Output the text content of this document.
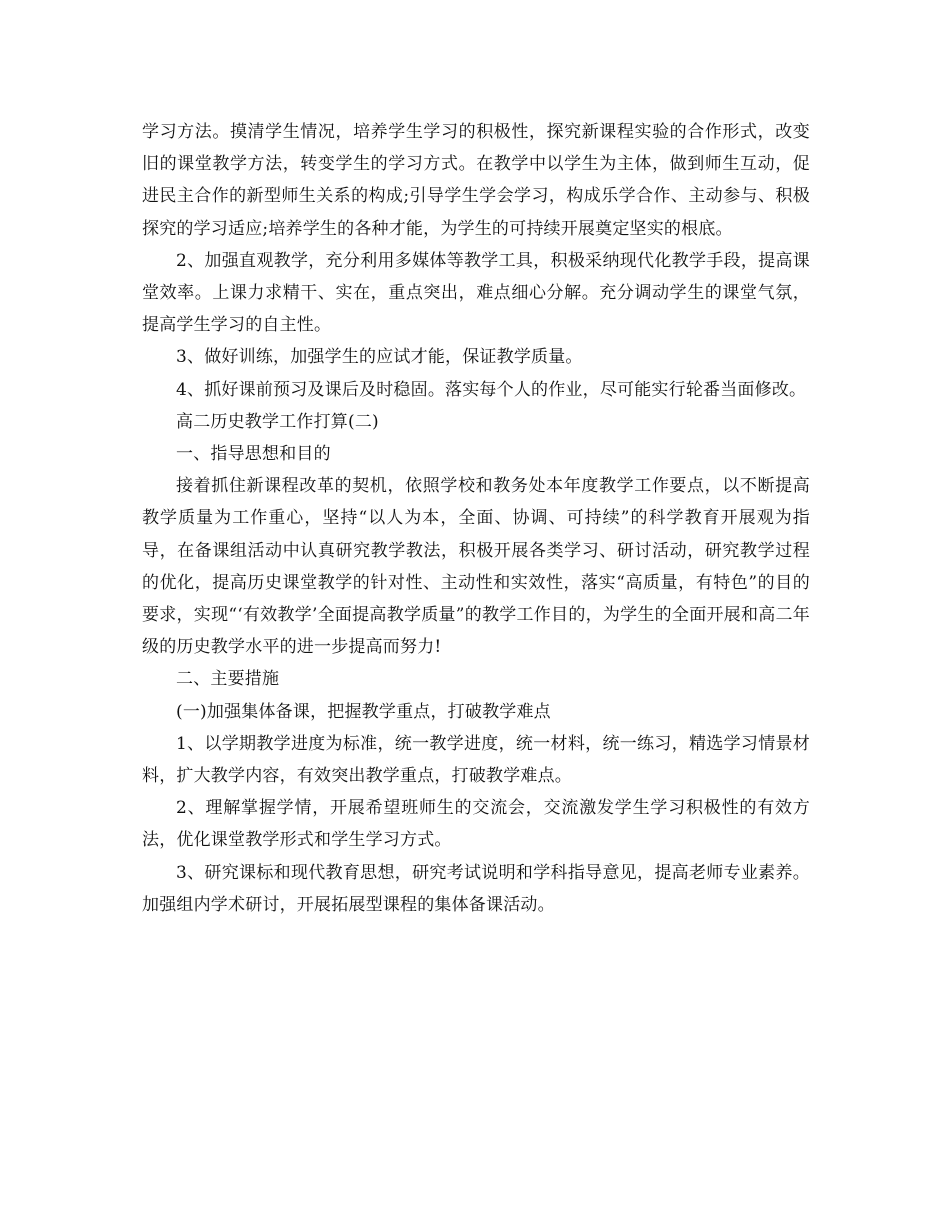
学习方法。摸清学生情况，培养学生学习的积极性，探究新课程实验的合作形式，改变旧的课堂教学方法，转变学生的学习方式。在教学中以学生为主体，做到师生互动，促进民主合作的新型师生关系的构成;引导学生学会学习，构成乐学合作、主动参与、积极探究的学习适应;培养学生的各种才能，为学生的可持续开展奠定坚实的根底。

2、加强直观教学，充分利用多媒体等教学工具，积极采纳现代化教学手段，提高课堂效率。上课力求精干、实在，重点突出，难点细心分解。充分调动学生的课堂气氛，提高学生学习的自主性。

3、做好训练，加强学生的应试才能，保证教学质量。

4、抓好课前预习及课后及时稳固。落实每个人的作业，尽可能实行轮番当面修改。

高二历史教学工作打算(二)

一、指导思想和目的

接着抓住新课程改革的契机，依照学校和教务处本年度教学工作要点，以不断提高教学质量为工作重心，坚持“以人为本，全面、协调、可持续”的科学教育开展观为指导，在备课组活动中认真研究教学教法，积极开展各类学习、研讨活动，研究教学过程的优化，提高历史课堂教学的针对性、主动性和实效性，落实“高质量，有特色”的目的要求，实现“‘有效教学’全面提高教学质量”的教学工作目的，为学生的全面开展和高二年级的历史教学水平的进一步提高而努力!

二、主要措施

(一)加强集体备课，把握教学重点，打破教学难点

1、以学期教学进度为标准，统一教学进度，统一材料，统一练习，精选学习情景材料，扩大教学内容，有效突出教学重点，打破教学难点。

2、理解掌握学情，开展希望班师生的交流会，交流激发学生学习积极性的有效方法，优化课堂教学形式和学生学习方式。

3、研究课标和现代教育思想，研究考试说明和学科指导意见，提高老师专业素养。加强组内学术研讨，开展拓展型课程的集体备课活动。
